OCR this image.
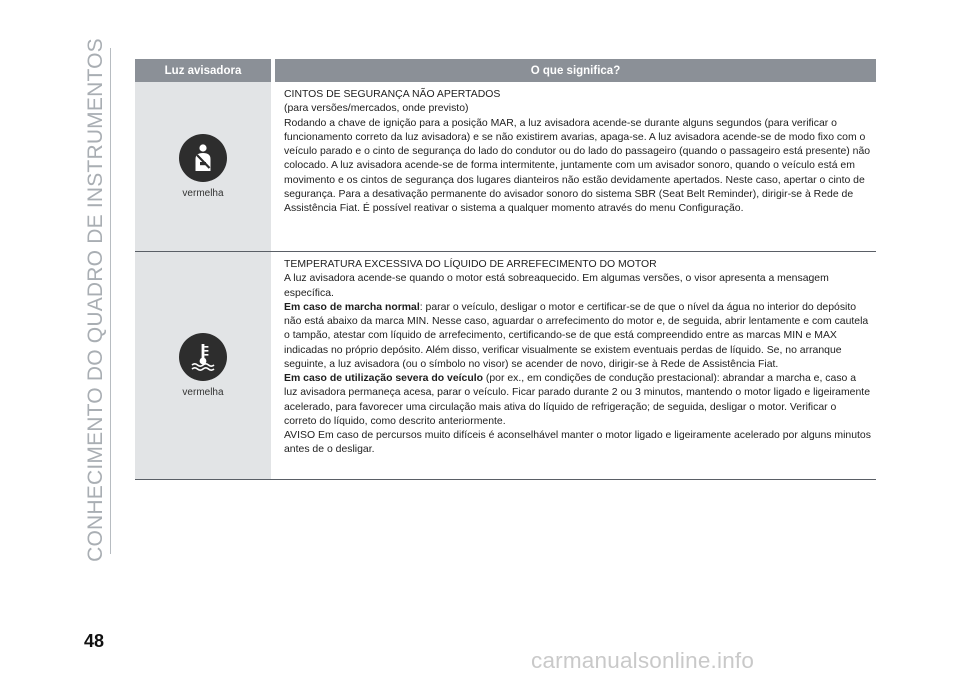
CONHECIMENTO DO QUADRO DE INSTRUMENTOS	Luz avisadora	O que significa?
vermelha

CINTOS DE SEGURANÇA NÃO APERTADOS

(para versões/mercados, onde previsto)

Rodando a chave de ignição para a posição MAR, a luz avisadora acende-se durante alguns segundos (para verificar o funcionamento correto da luz avisadora) e se não existirem avarias, apaga-se. A luz avisadora acende-se de modo fixo com o veículo parado e o cinto de segurança do lado do condutor ou do lado do passageiro (quando o passageiro está presente) não colocado. A luz avisadora acende-se de forma intermitente, juntamente com um avisador sonoro, quando o veículo está em movimento e os cintos de segurança dos lugares dianteiros não estão devidamente apertados. Neste caso, apertar o cinto de segurança. Para a desativação permanente do avisador sonoro do sistema SBR (Seat Belt Reminder), dirigir-se à Rede de Assistência Fiat. É possível reativar o sistema a qualquer momento através do menu Configuração.

vermelha

TEMPERATURA EXCESSIVA DO LÍQUIDO DE ARREFECIMENTO DO MOTOR

A luz avisadora acende-se quando o motor está sobreaquecido. Em algumas versões, o visor apresenta a mensagem específica.

Em caso de marcha normal: parar o veículo, desligar o motor e certificar-se de que o nível da água no interior do depósito não está abaixo da marca MIN. Nesse caso, aguardar o arrefecimento do motor e, de seguida, abrir lentamente e com cautela o tampão, atestar com líquido de arrefecimento, certificando-se de que está compreendido entre as marcas MIN e MAX indicadas no próprio depósito. Além disso, verificar visualmente se existem eventuais perdas de líquido. Se, no arranque seguinte, a luz avisadora (ou o símbolo no visor) se acender de novo, dirigir-se à Rede de Assistência Fiat.

Em caso de utilização severa do veículo (por ex., em condições de condução prestacional): abrandar a marcha e, caso a luz avisadora permaneça acesa, parar o veículo. Ficar parado durante 2 ou 3 minutos, mantendo o motor ligado e ligeiramente acelerado, para favorecer uma circulação mais ativa do líquido de refrigeração; de seguida, desligar o motor. Verificar o correto do líquido, como descrito anteriormente.

AVISO Em caso de percursos muito difíceis é aconselhável manter o motor ligado e ligeiramente acelerado por alguns minutos antes de o desligar.

48
carmanualsonline.info
